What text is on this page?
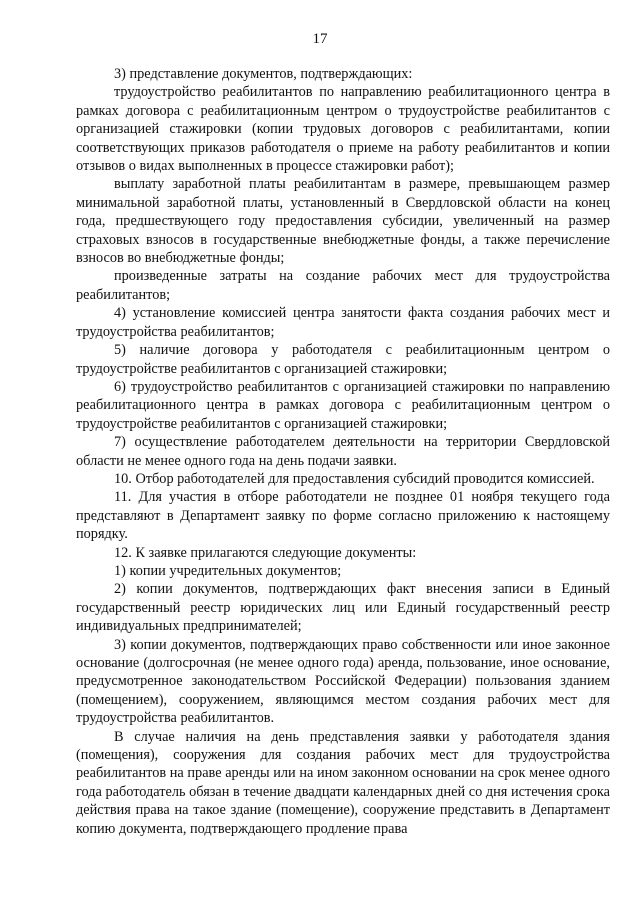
17

3) представление документов, подтверждающих:

трудоустройство реабилитантов по направлению реабилитационного центра в рамках договора с реабилитационным центром о трудоустройстве реабилитантов с организацией стажировки (копии трудовых договоров с реабилитантами, копии соответствующих приказов работодателя о приеме на работу реабилитантов и копии отзывов о видах выполненных в процессе стажировки работ);

выплату заработной платы реабилитантам в размере, превышающем размер минимальной заработной платы, установленный в Свердловской области на конец года, предшествующего году предоставления субсидии, увеличенный на размер страховых взносов в государственные внебюджетные фонды, а также перечисление взносов во внебюджетные фонды;

произведенные затраты на создание рабочих мест для трудоустройства реабилитантов;

4) установление комиссией центра занятости факта создания рабочих мест и трудоустройства реабилитантов;

5) наличие договора у работодателя с реабилитационным центром о трудоустройстве реабилитантов с организацией стажировки;

6) трудоустройство реабилитантов с организацией стажировки по направлению реабилитационного центра в рамках договора с реабилитационным центром о трудоустройстве реабилитантов с организацией стажировки;

7) осуществление работодателем деятельности на территории Свердловской области не менее одного года на день подачи заявки.

10. Отбор работодателей для предоставления субсидий проводится комиссией.

11. Для участия в отборе работодатели не позднее 01 ноября текущего года представляют в Департамент заявку по форме согласно приложению к настоящему порядку.

12. К заявке прилагаются следующие документы:

1) копии учредительных документов;

2) копии документов, подтверждающих факт внесения записи в Единый государственный реестр юридических лиц или Единый государственный реестр индивидуальных предпринимателей;

3) копии документов, подтверждающих право собственности или иное законное основание (долгосрочная (не менее одного года) аренда, пользование, иное основание, предусмотренное законодательством Российской Федерации) пользования зданием (помещением), сооружением, являющимся местом создания рабочих мест для трудоустройства реабилитантов.

В случае наличия на день представления заявки у работодателя здания (помещения), сооружения для создания рабочих мест для трудоустройства реабилитантов на праве аренды или на ином законном основании на срок менее одного года работодатель обязан в течение двадцати календарных дней со дня истечения срока действия права на такое здание (помещение), сооружение представить в Департамент копию документа, подтверждающего продление права
